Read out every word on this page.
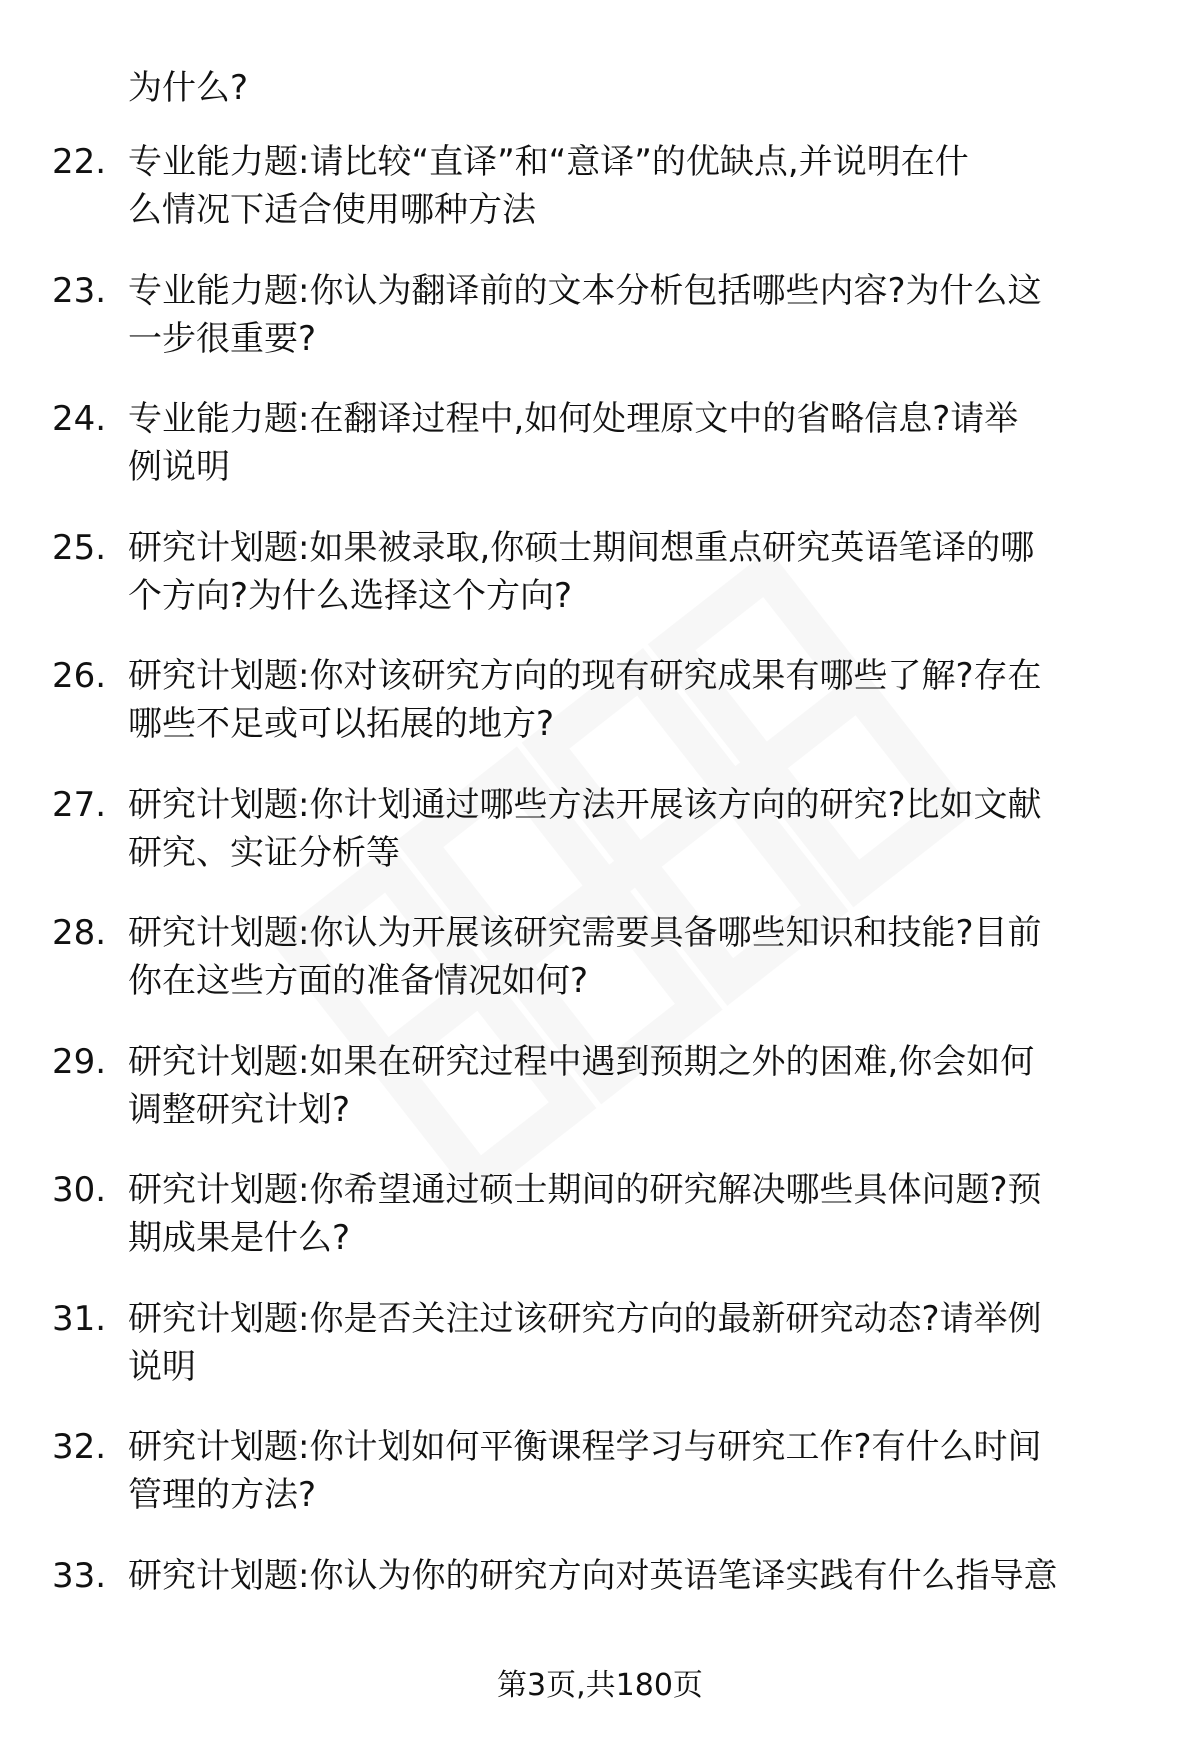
为什么?
22. 专业能力题:请比较“直译”和“意译”的优缺点,并说明在什
么情况下适合使用哪种方法
23. 专业能力题:你认为翻译前的文本分析包括哪些内容?为什么这
一步很重要?
24. 专业能力题:在翻译过程中,如何处理原文中的省略信息?请举
例说明
25. 研究计划题:如果被录取,你硕士期间想重点研究英语笔译的哪
个方向?为什么选择这个方向?
26. 研究计划题:你对该研究方向的现有研究成果有哪些了解?存在
哪些不足或可以拓展的地方?
27. 研究计划题:你计划通过哪些方法开展该方向的研究?比如文献
研究、实证分析等
28. 研究计划题:你认为开展该研究需要具备哪些知识和技能?目前
你在这些方面的准备情况如何?
29. 研究计划题:如果在研究过程中遇到预期之外的困难,你会如何
调整研究计划?
30. 研究计划题:你希望通过硕士期间的研究解决哪些具体问题?预
期成果是什么?
31. 研究计划题:你是否关注过该研究方向的最新研究动态?请举例
说明
32. 研究计划题:你计划如何平衡课程学习与研究工作?有什么时间
管理的方法?
33. 研究计划题:你认为你的研究方向对英语笔译实践有什么指导意
第3页,共180页
